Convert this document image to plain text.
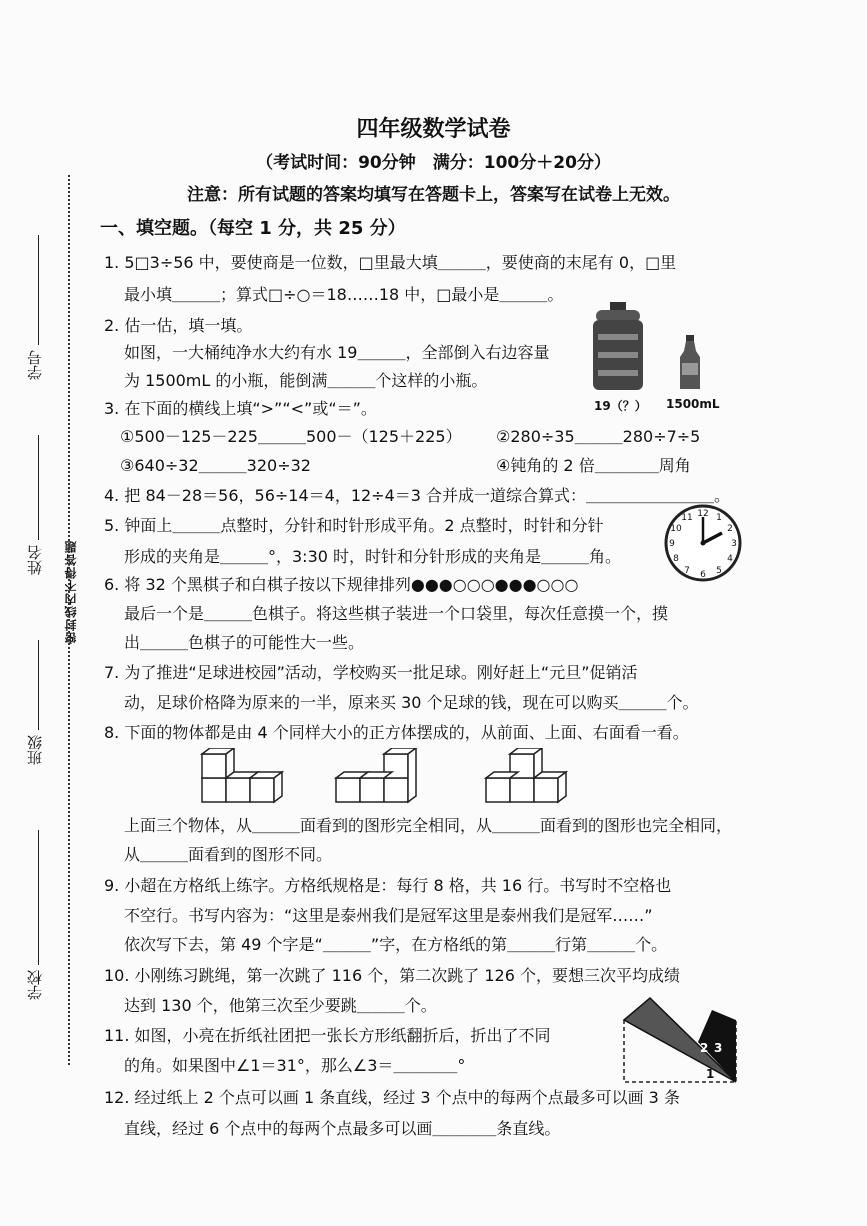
学号
姓名
班级
学校
密封线内不得答题
四年级数学试卷
（考试时间：90分钟　满分：100分＋20分）
注意：所有试题的答案均填写在答题卡上，答案写在试卷上无效。
一、填空题。（每空 1 分，共 25 分）
1. 5□3÷56 中，要使商是一位数，□里最大填＿＿＿，要使商的末尾有 0，□里
最小填＿＿＿；算式□÷○＝18……18 中，□最小是＿＿＿。
2. 估一估，填一填。
如图，一大桶纯净水大约有水 19＿＿＿，全部倒入右边容量
为 1500mL 的小瓶，能倒满＿＿＿个这样的小瓶。
19（？） 1500mL
3. 在下面的横线上填“>”“<”或“＝”。
①500－125－225＿＿＿500－（125＋225） ②280÷35＿＿＿280÷7÷5
③640÷32＿＿＿320÷32	④钝角的 2 倍＿＿＿＿周角
4. 把 84－28＝56，56÷14＝4，12÷4＝3 合并成一道综合算式：＿＿＿＿＿＿＿＿。
5. 钟面上＿＿＿点整时，分针和时针形成平角。2 点整时，时针和分针
形成的夹角是＿＿＿°，3:30 时，时针和分针形成的夹角是＿＿＿角。
12 1
2
3
4
5
6
7
8
9
10
11
6. 将 32 个黑棋子和白棋子按以下规律排列●●●○○○●●●○○○
最后一个是＿＿＿色棋子。将这些棋子装进一个口袋里，每次任意摸一个，摸
出＿＿＿色棋子的可能性大一些。
7. 为了推进“足球进校园”活动，学校购买一批足球。刚好赶上“元旦”促销活
动，足球价格降为原来的一半，原来买 30 个足球的钱，现在可以购买＿＿＿个。
8. 下面的物体都是由 4 个同样大小的正方体摆成的，从前面、上面、右面看一看。
上面三个物体，从＿＿＿面看到的图形完全相同，从＿＿＿面看到的图形也完全相同，
从＿＿＿面看到的图形不同。
9. 小超在方格纸上练字。方格纸规格是：每行 8 格，共 16 行。书写时不空格也
不空行。书写内容为：“这里是泰州我们是冠军这里是泰州我们是冠军……”
依次写下去，第 49 个字是“＿＿＿”字，在方格纸的第＿＿＿行第＿＿＿个。
10. 小刚练习跳绳，第一次跳了 116 个，第二次跳了 126 个，要想三次平均成绩
达到 130 个，他第三次至少要跳＿＿＿个。
11. 如图，小亮在折纸社团把一张长方形纸翻折后，折出了不同
的角。如果图中∠1＝31°，那么∠3＝＿＿＿＿°
2 3
1
12. 经过纸上 2 个点可以画 1 条直线，经过 3 个点中的每两个点最多可以画 3 条
直线，经过 6 个点中的每两个点最多可以画＿＿＿＿条直线。
